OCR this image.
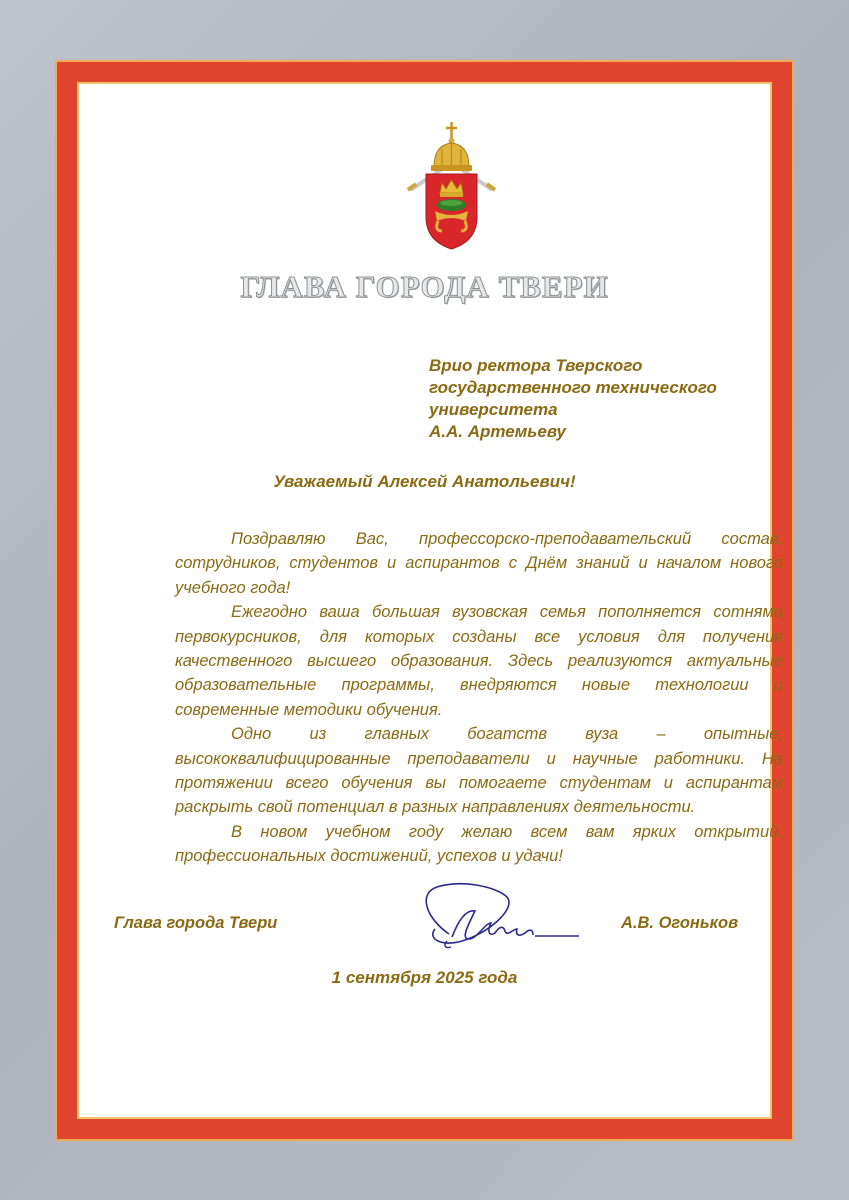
ГЛАВА ГОРОДА ТВЕРИ
Врио ректора Тверского
государственного технического
университета
А.А. Артемьеву
Уважаемый Алексей Анатольевич!

Поздравляю Вас, профессорско-преподавательский состав, сотрудников, студентов и аспирантов с Днём знаний и началом нового учебного года!

Ежегодно ваша большая вузовская семья пополняется сотнями первокурсников, для которых созданы все условия для получения качественного высшего образования. Здесь реализуются актуальные образовательные программы, внедряются новые технологии и современные методики обучения.

Одно из главных богатств вуза – опытные, высококвалифицированные преподаватели и научные работники. На протяжении всего обучения вы помогаете студентам и аспирантам раскрыть свой потенциал в разных направлениях деятельности.

В новом учебном году желаю всем вам ярких открытий, профессиональных достижений, успехов и удачи!

Глава города Твери	А.В. Огоньков
1 сентября 2025 года
